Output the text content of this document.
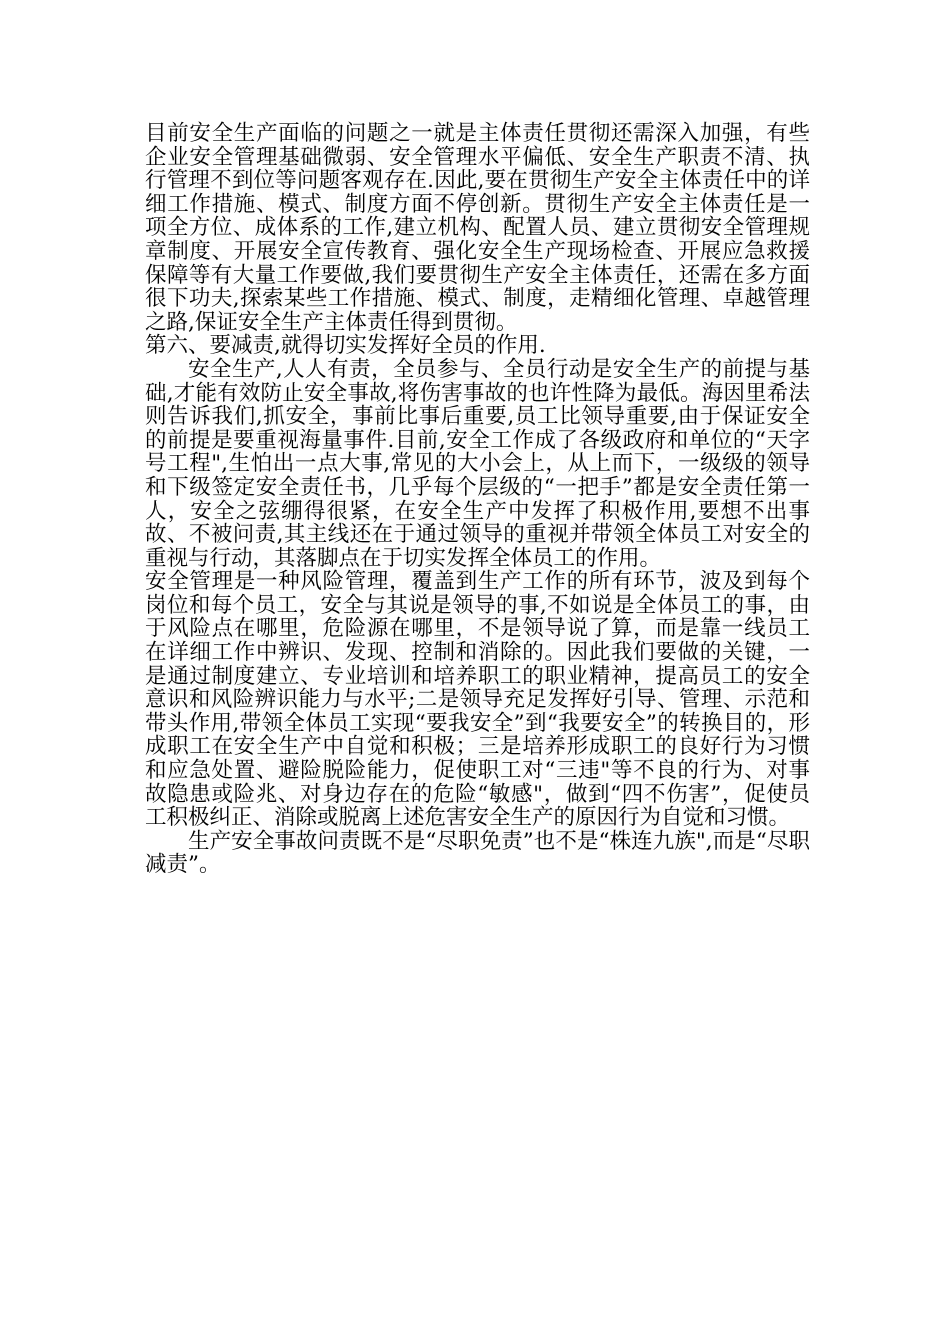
目前安全生产面临的问题之一就是主体责任贯彻还需深入加强，有些企业安全管理基础微弱、安全管理水平偏低、安全生产职责不清、执行管理不到位等问题客观存在.因此,要在贯彻生产安全主体责任中的详细工作措施、模式、制度方面不停创新。贯彻生产安全主体责任是一项全方位、成体系的工作,建立机构、配置人员、建立贯彻安全管理规章制度、开展安全宣传教育、强化安全生产现场检查、开展应急救援保障等有大量工作要做,我们要贯彻生产安全主体责任，还需在多方面很下功夫,探索某些工作措施、模式、制度，走精细化管理、卓越管理之路,保证安全生产主体责任得到贯彻。

第六、要减责,就得切实发挥好全员的作用.

安全生产,人人有责，全员参与、全员行动是安全生产的前提与基础,才能有效防止安全事故,将伤害事故的也许性降为最低。海因里希法则告诉我们,抓安全，事前比事后重要,员工比领导重要,由于保证安全的前提是要重视海量事件.目前,安全工作成了各级政府和单位的“天字号工程",生怕出一点大事,常见的大小会上，从上而下，一级级的领导和下级签定安全责任书，几乎每个层级的“一把手”都是安全责任第一人，安全之弦绷得很紧，在安全生产中发挥了积极作用,要想不出事故、不被问责,其主线还在于通过领导的重视并带领全体员工对安全的重视与行动，其落脚点在于切实发挥全体员工的作用。

安全管理是一种风险管理，覆盖到生产工作的所有环节，波及到每个岗位和每个员工，安全与其说是领导的事,不如说是全体员工的事，由于风险点在哪里，危险源在哪里，不是领导说了算，而是靠一线员工在详细工作中辨识、发现、控制和消除的。因此我们要做的关键，一是通过制度建立、专业培训和培养职工的职业精神，提高员工的安全意识和风险辨识能力与水平;二是领导充足发挥好引导、管理、示范和带头作用,带领全体员工实现“要我安全”到“我要安全”的转换目的，形成职工在安全生产中自觉和积极；三是培养形成职工的良好行为习惯和应急处置、避险脱险能力，促使职工对“三违"等不良的行为、对事故隐患或险兆、对身边存在的危险“敏感"，做到“四不伤害”，促使员工积极纠正、消除或脱离上述危害安全生产的原因行为自觉和习惯。

生产安全事故问责既不是“尽职免责”也不是“株连九族",而是“尽职减责”。
